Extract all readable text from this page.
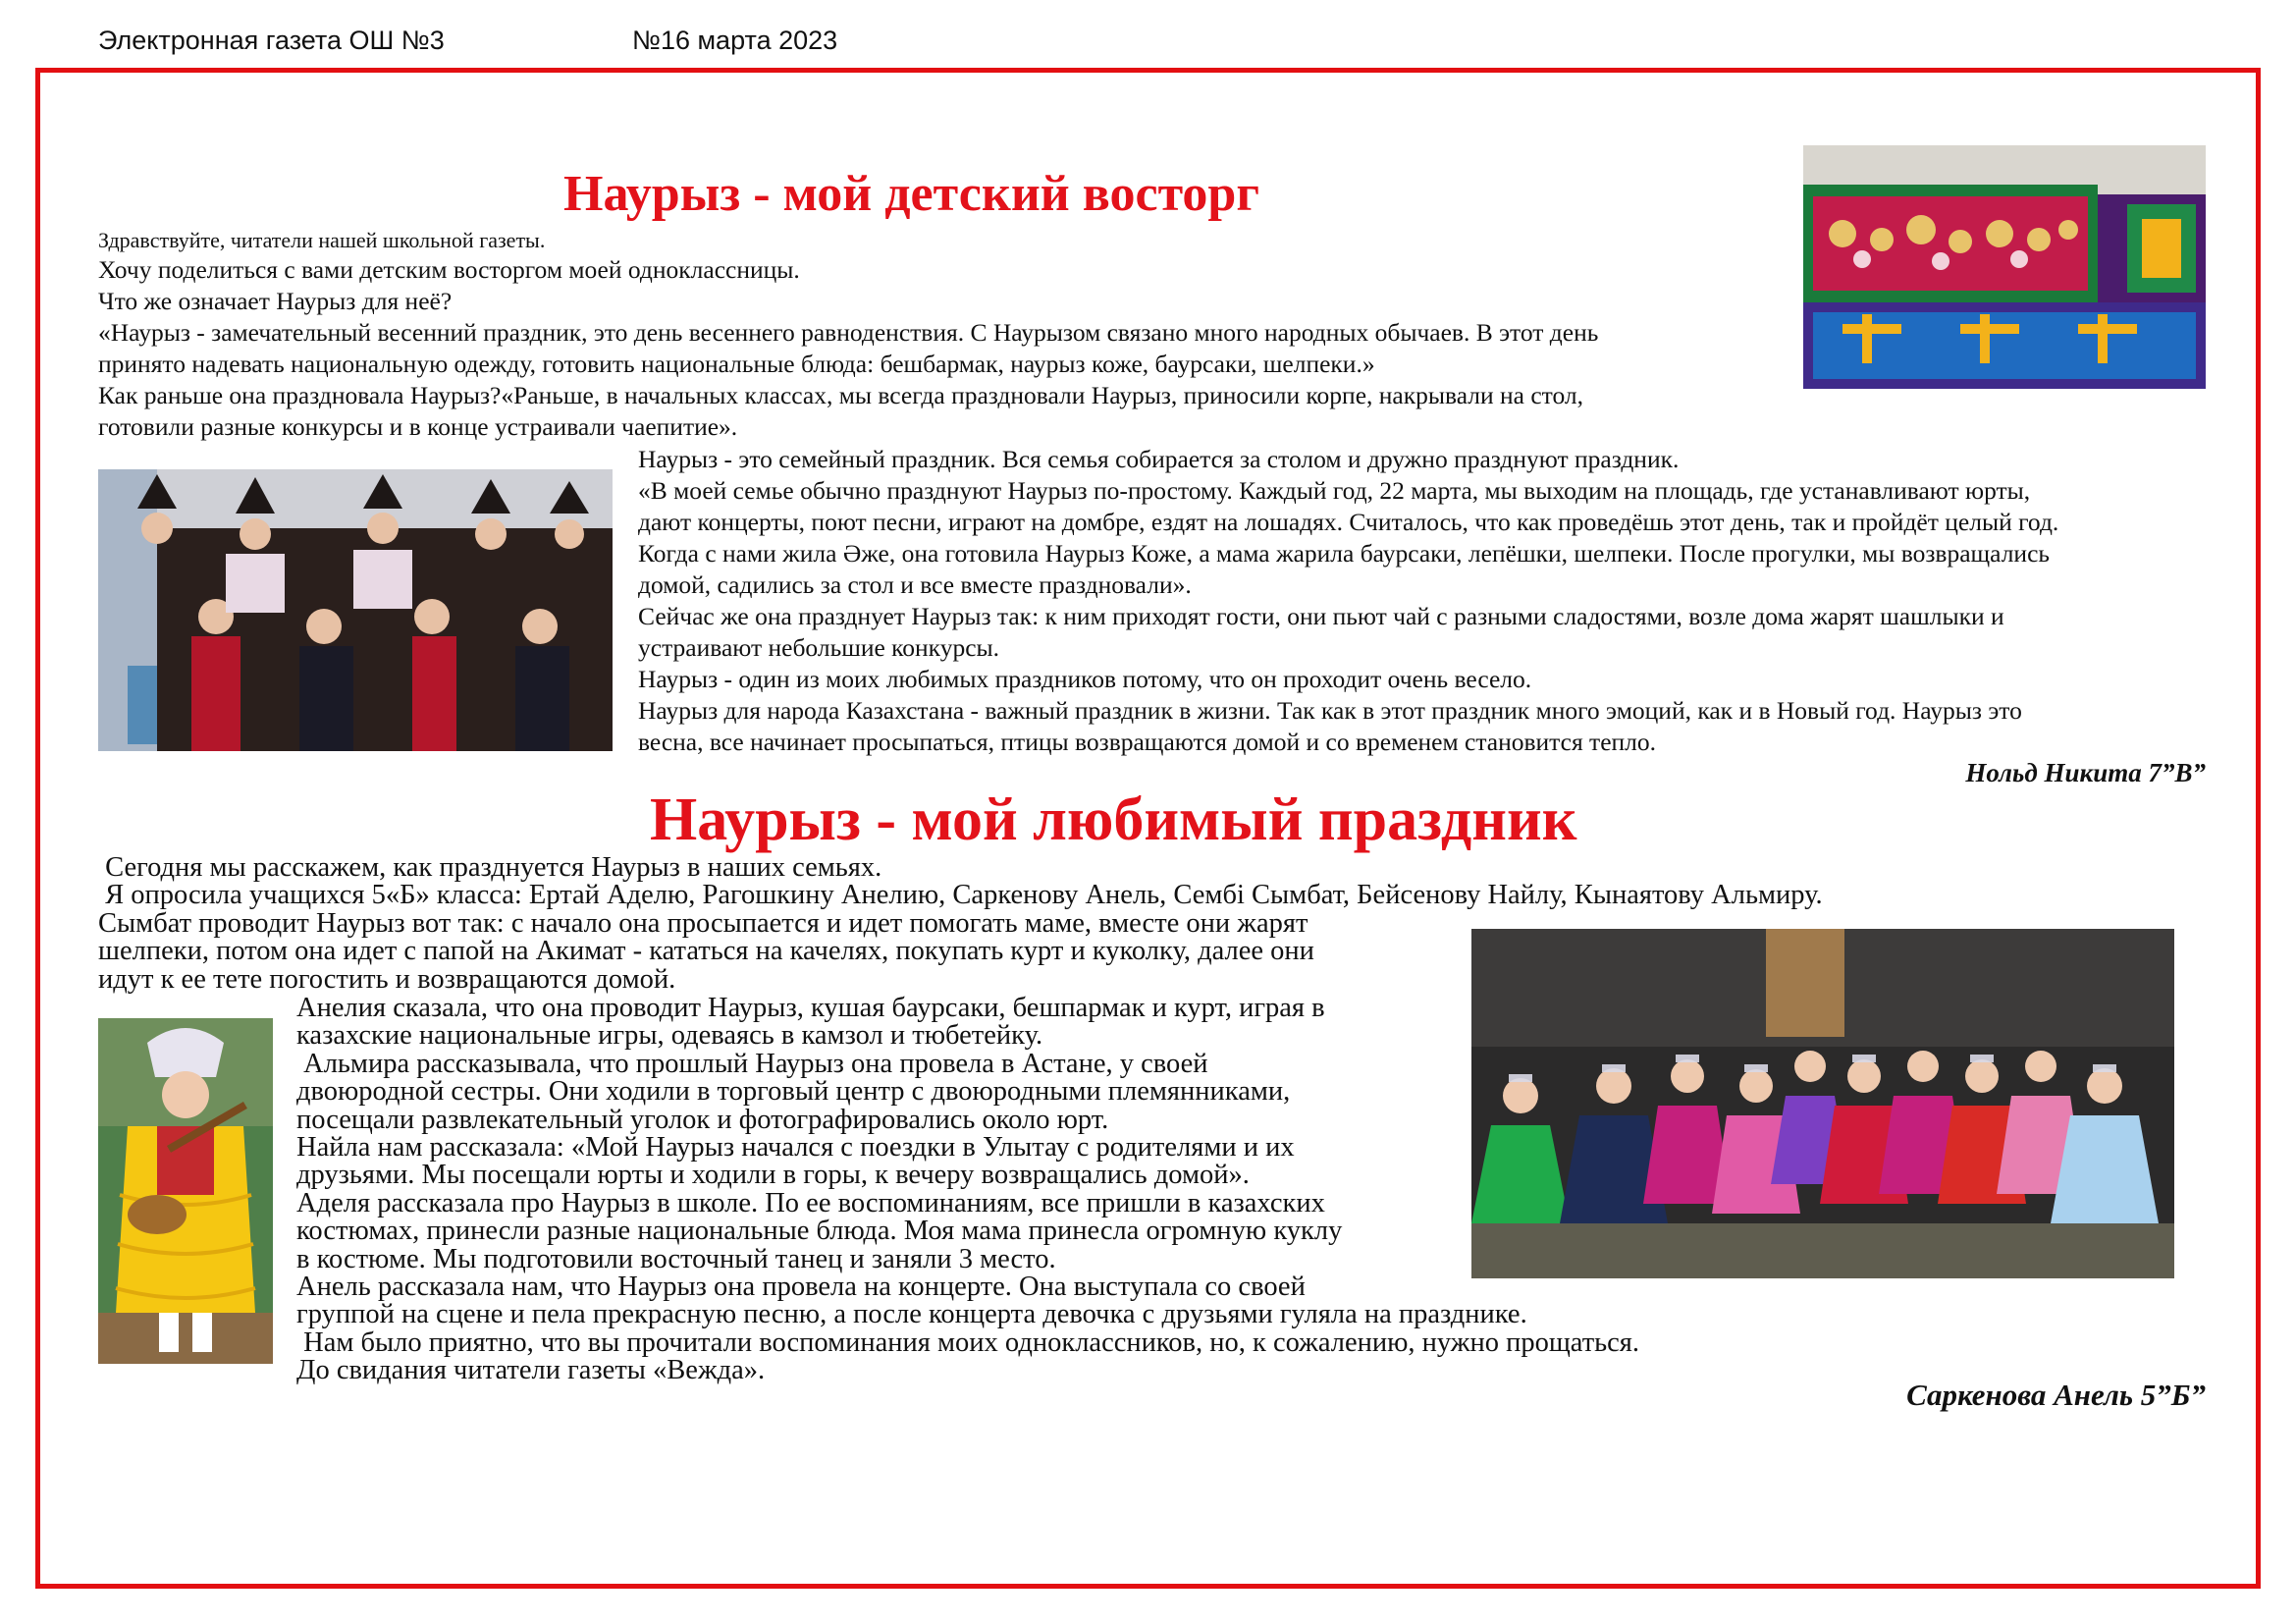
Электронная газета ОШ №3	№16 марта 2023
Наурыз - мой детский восторг
Здравствуйте, читатели нашей школьной газеты.
Хочу поделиться с вами детским восторгом моей одноклассницы.
Что же означает Наурыз для неё?
«Наурыз - замечательный весенний праздник, это день весеннего равноденствия. С Наурызом связано много народных обычаев. В этот день
принято надевать национальную одежду, готовить национальные блюда: бешбармак, наурыз коже, баурсаки, шелпеки.»
Как раньше она праздновала Наурыз?«Раньше, в начальных классах, мы всегда праздновали Наурыз, приносили корпе, накрывали на стол,
готовили разные конкурсы и в конце устраивали чаепитие».
Наурыз - это семейный праздник. Вся семья собирается за столом и дружно празднуют праздник.
«В моей семье обычно празднуют Наурыз по-простому. Каждый год, 22 марта, мы выходим на площадь, где устанавливают юрты,
дают концерты, поют песни, играют на домбре, ездят на лошадях. Считалось, что как проведёшь этот день, так и пройдёт целый год.
Когда с нами жила Әже, она готовила Наурыз Коже, а мама жарила баурсаки, лепёшки, шелпеки. После прогулки, мы возвращались
домой, садились за стол и все вместе праздновали».
Сейчас же она празднует Наурыз так: к ним приходят гости, они пьют чай с разными сладостями, возле дома жарят шашлыки и
устраивают небольшие конкурсы.
Наурыз - один из моих любимых праздников потому, что он проходит очень весело.
Наурыз для народа Казахстана - важный праздник в жизни. Так как в этот праздник много эмоций, как и в Новый год. Наурыз это
весна, все начинает просыпаться, птицы возвращаются домой и со временем становится тепло.
Нольд Никита 7”В”
Наурыз - мой любимый праздник
Сегодня мы расскажем, как празднуется Наурыз в наших семьях.
Я опросила учащихся 5«Б» класса: Ертай Аделю, Рагошкину Анелию, Саркенову Анель, Сембі Сымбат, Бейсенову Найлу, Кынаятову Альмиру.
Сымбат проводит Наурыз вот так: с начало она просыпается и идет помогать маме, вместе они жарят
шелпеки, потом она идет с папой на Акимат - кататься на качелях, покупать курт и куколку, далее они
идут к ее тете погостить и возвращаются домой.
Анелия сказала, что она проводит Наурыз, кушая баурсаки, бешпармак и курт, играя в
казахские национальные игры, одеваясь в камзол и тюбетейку.
Альмира рассказывала, что прошлый Наурыз она провела в Астане, у своей
двоюродной сестры. Они ходили в торговый центр с двоюродными племянниками,
посещали развлекательный уголок и фотографировались около юрт.
Найла нам рассказала: «Мой Наурыз начался с поездки в Улытау с родителями и их
друзьями. Мы посещали юрты и ходили в горы, к вечеру возвращались домой».
Аделя рассказала про Наурыз в школе. По ее воспоминаниям, все пришли в казахских
костюмах, принесли разные национальные блюда. Моя мама принесла огромную куклу
в костюме. Мы подготовили восточный танец и заняли 3 место.
Анель рассказала нам, что Наурыз она провела на концерте. Она выступала со своей
группой на сцене и пела прекрасную песню, а после концерта девочка с друзьями гуляла на празднике.
Нам было приятно, что вы прочитали воспоминания моих одноклассников, но, к сожалению, нужно прощаться.
До свидания читатели газеты «Вежда».
Саркенова Анель 5”Б”
